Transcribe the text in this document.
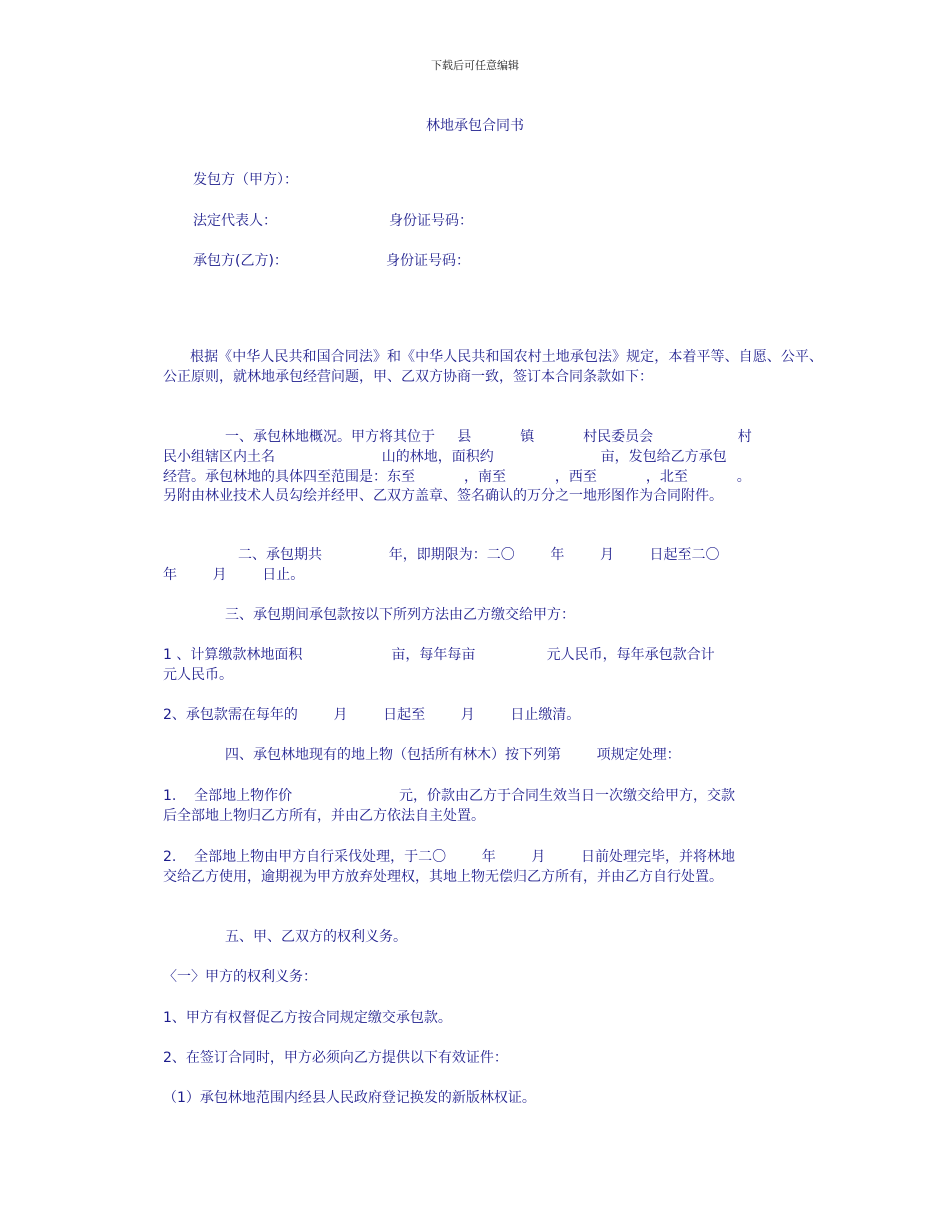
下载后可任意编辑
林地承包合同书
发包方（甲方）：
法定代表人：	身份证号码：
承包方(乙方)：	身份证号码：
根据《中华人民共和国合同法》和《中华人民共和国农村土地承包法》规定，本着平等、自愿、公平、公正原则，就林地承包经营问题，甲、乙双方协商一致，签订本合同条款如下：
一、承包林地概况。甲方将其位于     县           镇           村民委员会                   村
民小组辖区内土名                        山的林地，面积约                        亩，发包给乙方承包
经营。承包林地的具体四至范围是：东至           ，南至           ，西至           ，北至           。
另附由林业技术人员勾绘并经甲、乙双方盖章、签名确认的万分之一地形图作为合同附件。
二、承包期共               年，即期限为：二〇        年        月        日起至二〇
年        月        日止。
三、承包期间承包款按以下所列方法由乙方缴交给甲方：
1 、计算缴款林地面积                    亩，每年每亩                元人民币，每年承包款合计
元人民币。
2、承包款需在每年的        月        日起至        月        日止缴清。
四、承包林地现有的地上物（包括所有林木）按下列第        项规定处理：
1.    全部地上物作价                        元，价款由乙方于合同生效当日一次缴交给甲方，交款
后全部地上物归乙方所有，并由乙方依法自主处置。
2.    全部地上物由甲方自行采伐处理，于二〇        年        月        日前处理完毕，并将林地
交给乙方使用，逾期视为甲方放弃处理权，其地上物无偿归乙方所有，并由乙方自行处置。
五、甲、乙双方的权利义务。
〈一〉甲方的权利义务：
1、甲方有权督促乙方按合同规定缴交承包款。
2、在签订合同时，甲方必须向乙方提供以下有效证件：
（1）承包林地范围内经县人民政府登记换发的新版林权证。
